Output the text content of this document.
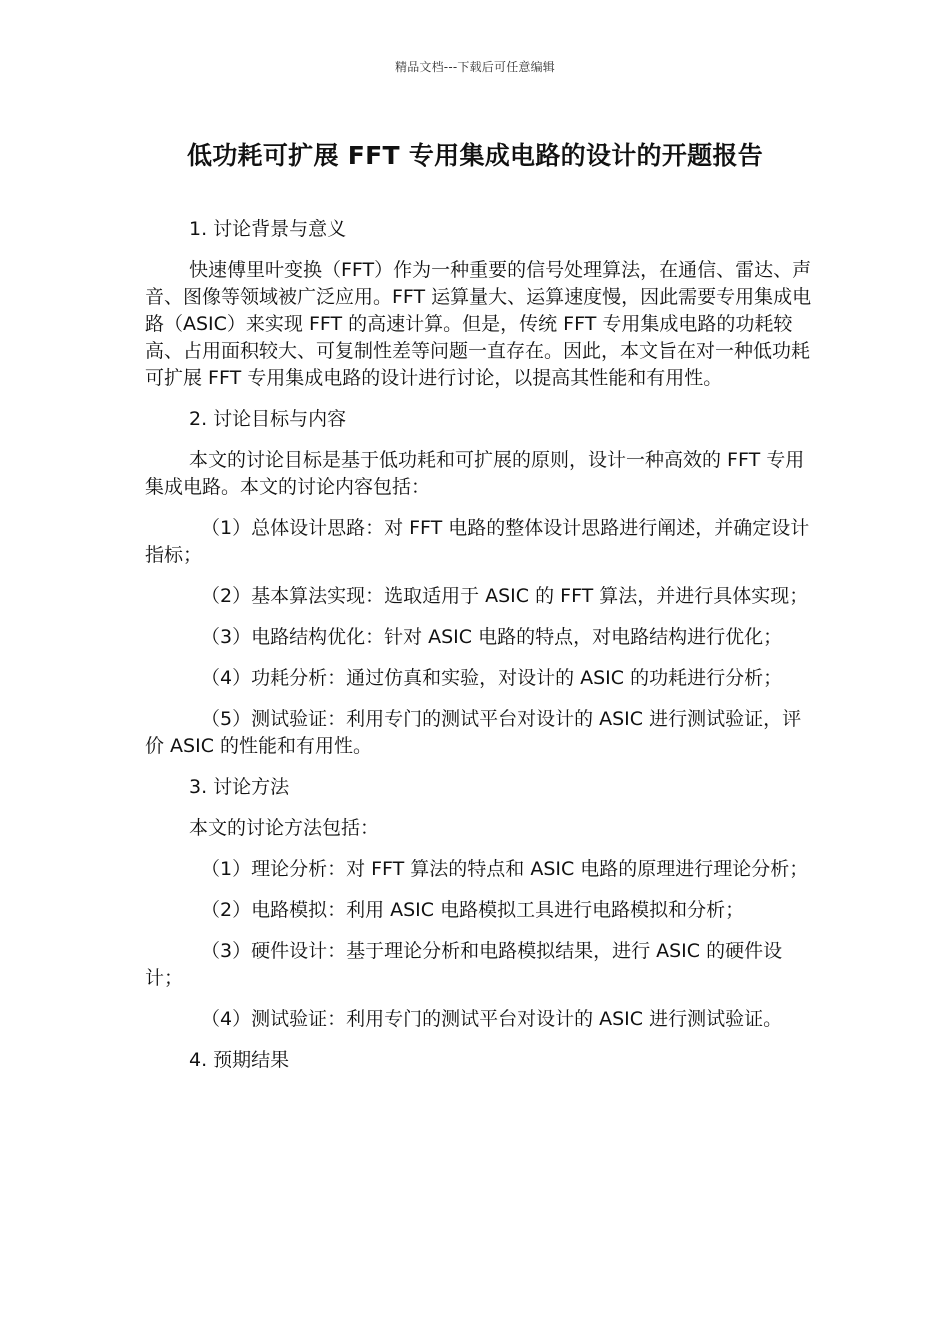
精品文档---下载后可任意编辑
低功耗可扩展 FFT 专用集成电路的设计的开题报告

1. 讨论背景与意义

快速傅里叶变换（FFT）作为一种重要的信号处理算法，在通信、雷达、声音、图像等领域被广泛应用。FFT 运算量大、运算速度慢，因此需要专用集成电路（ASIC）来实现 FFT 的高速计算。但是，传统 FFT 专用集成电路的功耗较高、占用面积较大、可复制性差等问题一直存在。因此，本文旨在对一种低功耗可扩展 FFT 专用集成电路的设计进行讨论，以提高其性能和有用性。

2. 讨论目标与内容

本文的讨论目标是基于低功耗和可扩展的原则，设计一种高效的 FFT 专用集成电路。本文的讨论内容包括：

（1）总体设计思路：对 FFT 电路的整体设计思路进行阐述，并确定设计指标；

（2）基本算法实现：选取适用于 ASIC 的 FFT 算法，并进行具体实现；

（3）电路结构优化：针对 ASIC 电路的特点，对电路结构进行优化；

（4）功耗分析：通过仿真和实验，对设计的 ASIC 的功耗进行分析；

（5）测试验证：利用专门的测试平台对设计的 ASIC 进行测试验证，评价 ASIC 的性能和有用性。

3. 讨论方法

本文的讨论方法包括：

（1）理论分析：对 FFT 算法的特点和 ASIC 电路的原理进行理论分析；

（2）电路模拟：利用 ASIC 电路模拟工具进行电路模拟和分析；

（3）硬件设计：基于理论分析和电路模拟结果，进行 ASIC 的硬件设计；

（4）测试验证：利用专门的测试平台对设计的 ASIC 进行测试验证。

4. 预期结果
